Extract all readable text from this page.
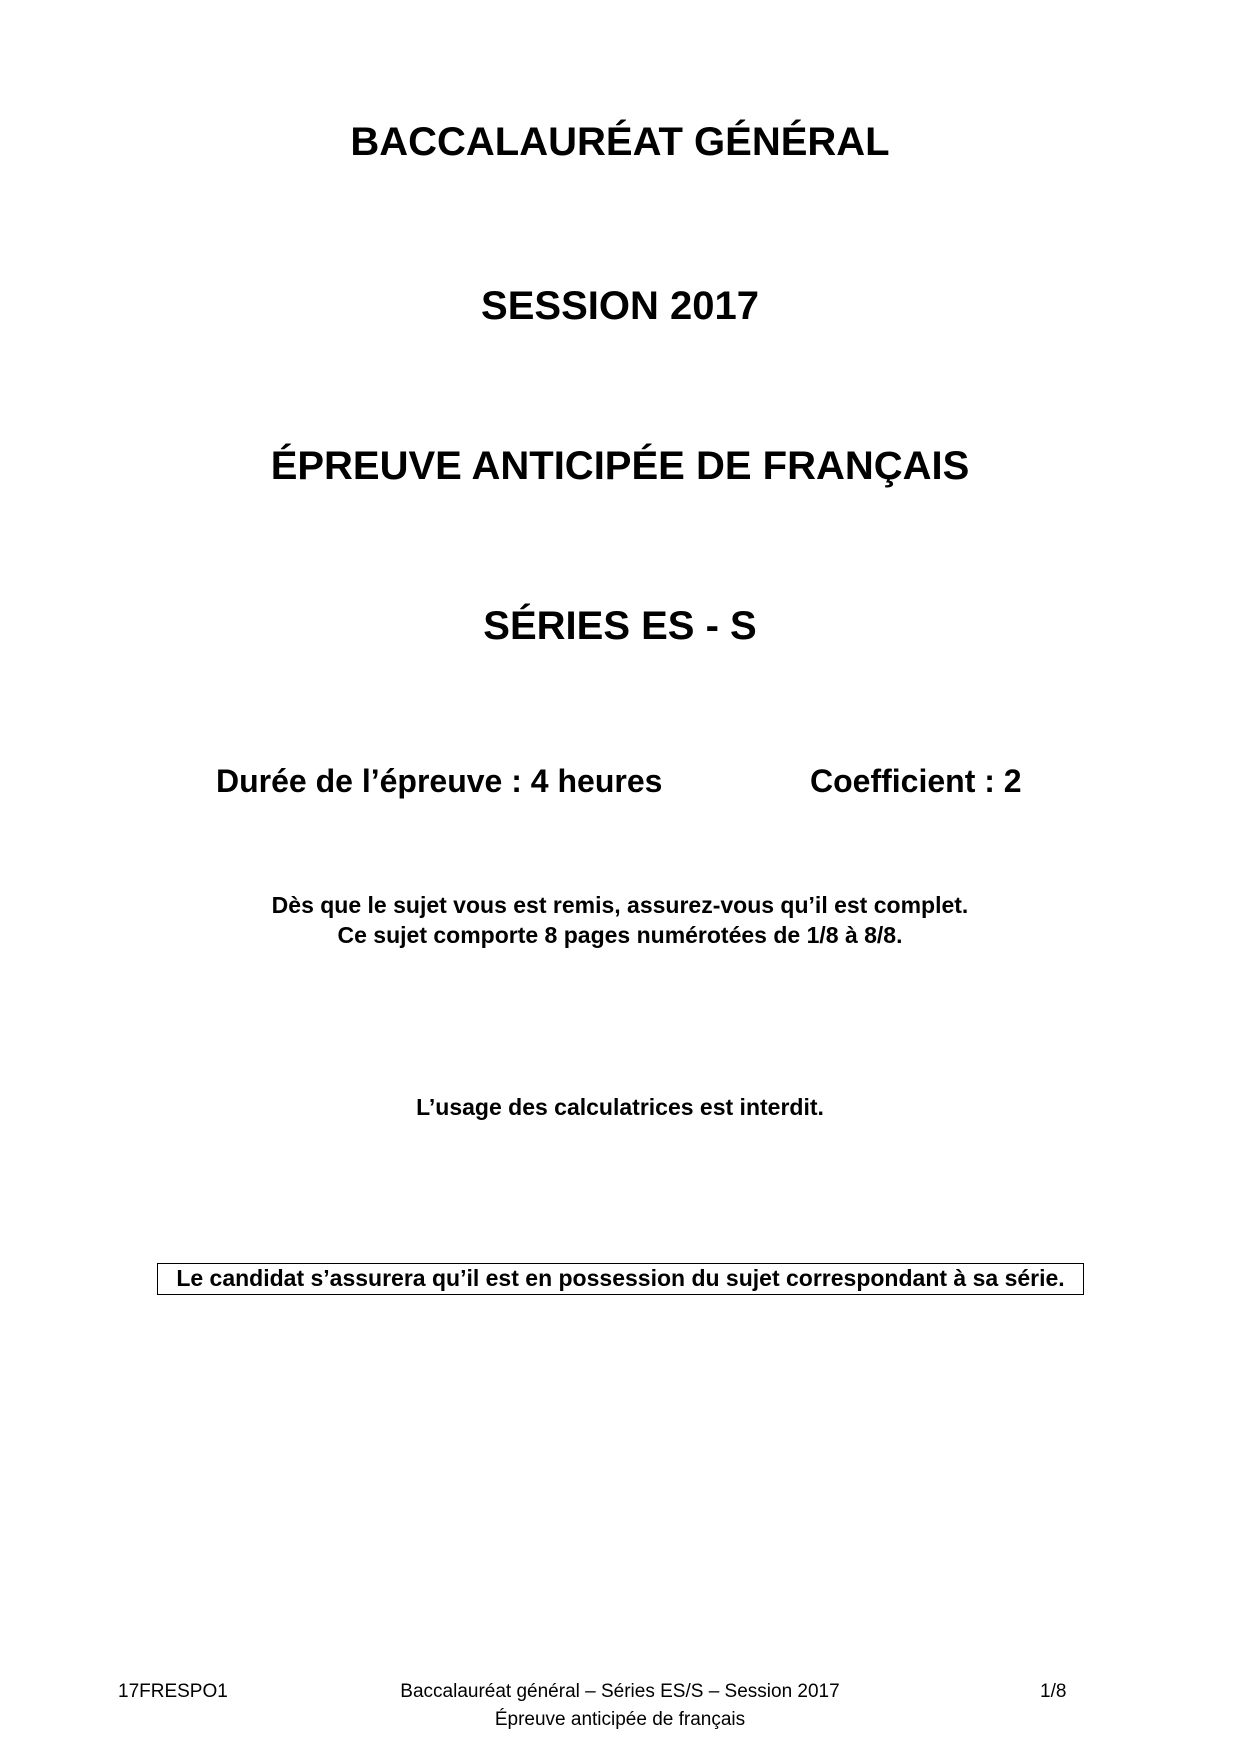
BACCALAURÉAT GÉNÉRAL
SESSION 2017
ÉPREUVE ANTICIPÉE DE FRANÇAIS
SÉRIES ES - S
Durée de l’épreuve : 4 heures	Coefficient : 2
Dès que le sujet vous est remis, assurez-vous qu’il est complet.
Ce sujet comporte 8 pages numérotées de 1/8 à 8/8.
L’usage des calculatrices est interdit.
Le candidat s’assurera qu’il est en possession du sujet correspondant à sa série.
17FRESPO1	Baccalauréat général – Séries ES/S – Session 2017
Épreuve anticipée de français
1/8
